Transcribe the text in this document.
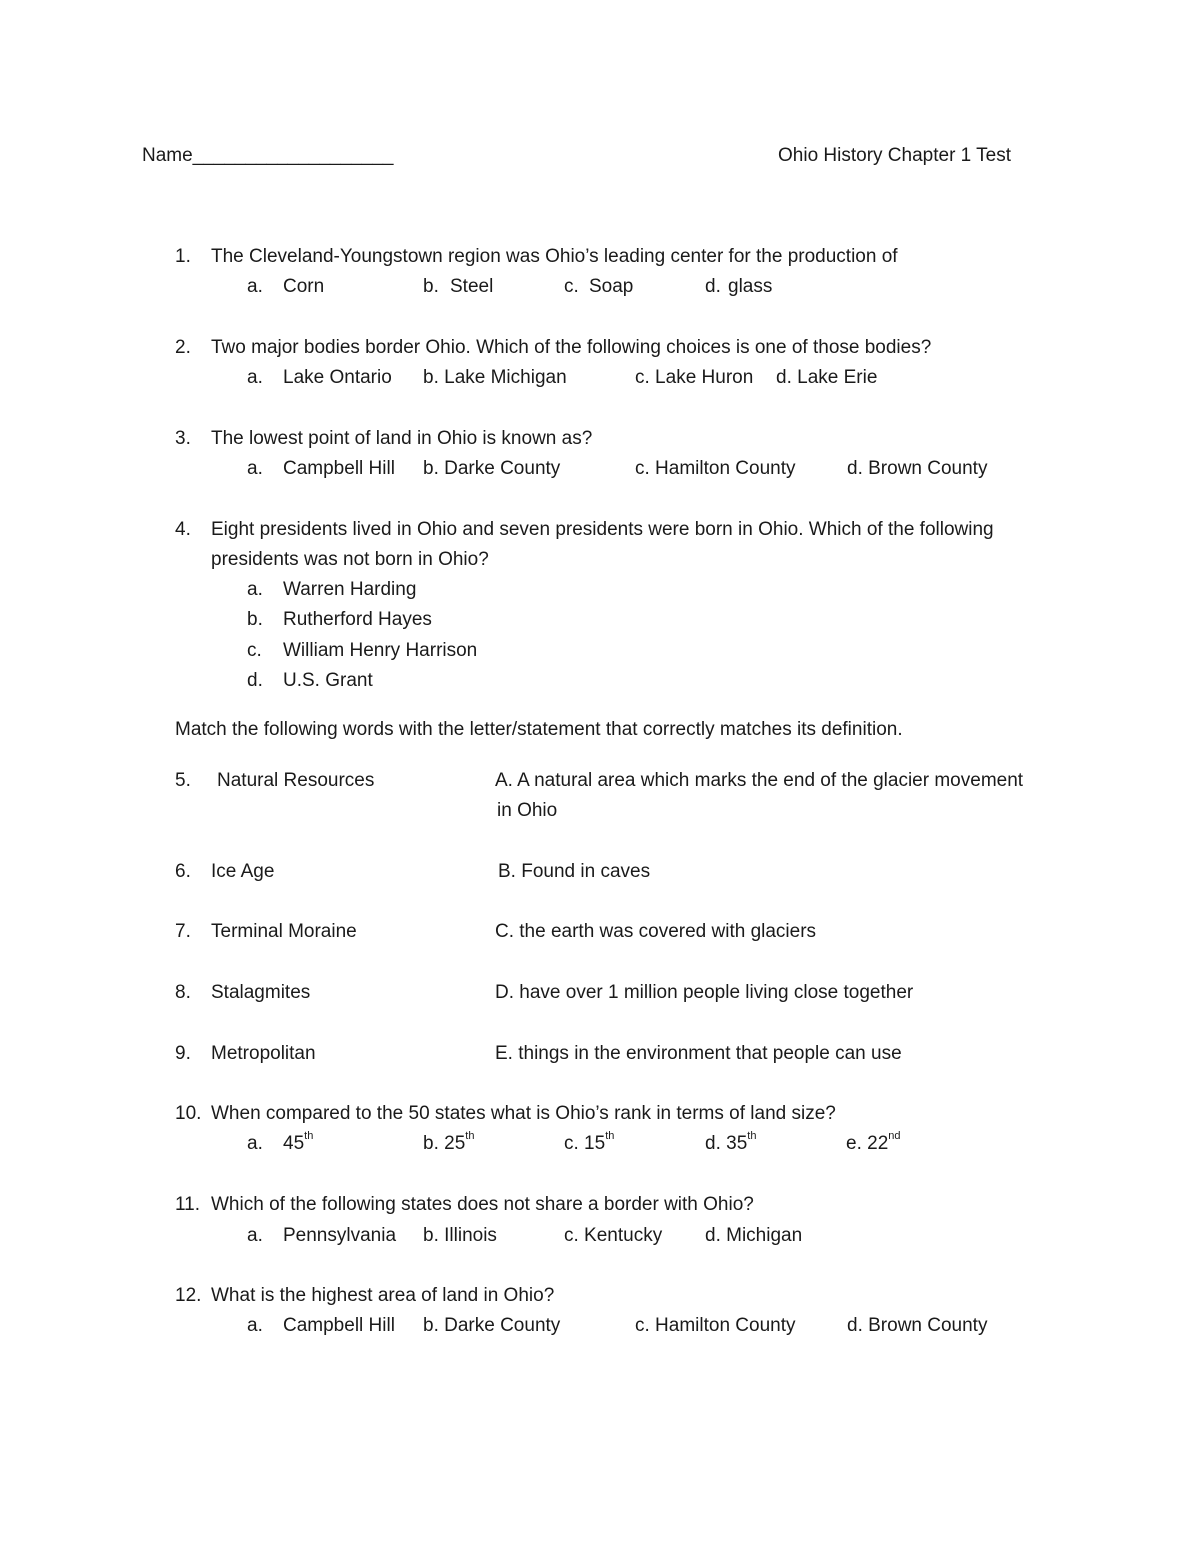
Name___________________	Ohio History Chapter 1 Test
1. The Cleveland-Youngstown region was Ohio’s leading center for the production of
a. Corn	b. Steel	c. Soap	d. glass
2. Two major bodies border Ohio. Which of the following choices is one of those bodies?
a. Lake Ontario b. Lake Michigan	c. Lake Huron d. Lake Erie
3. The lowest point of land in Ohio is known as?
a. Campbell Hill b. Darke County	c. Hamilton County	d. Brown County
4. Eight presidents lived in Ohio and seven presidents were born in Ohio. Which of the following
presidents was not born in Ohio?
a. Warren Harding
b. Rutherford Hayes
c. William Henry Harrison
d. U.S. Grant
Match the following words with the letter/statement that correctly matches its definition.
5. Natural Resources	A. A natural area which marks the end of the glacier movement
in Ohio
6. Ice Age	B. Found in caves
7. Terminal Moraine	C. the earth was covered with glaciers
8. Stalagmites	D. have over 1 million people living close together
9. Metropolitan	E. things in the environment that people can use
10. When compared to the 50 states what is Ohio’s rank in terms of land size?
a. 45th	b. 25th	c. 15th	d. 35th	e. 22nd
11. Which of the following states does not share a border with Ohio?
a. Pennsylvania b. Illinois	c. Kentucky d. Michigan
12. What is the highest area of land in Ohio?
a. Campbell Hill b. Darke County	c. Hamilton County	d. Brown County
